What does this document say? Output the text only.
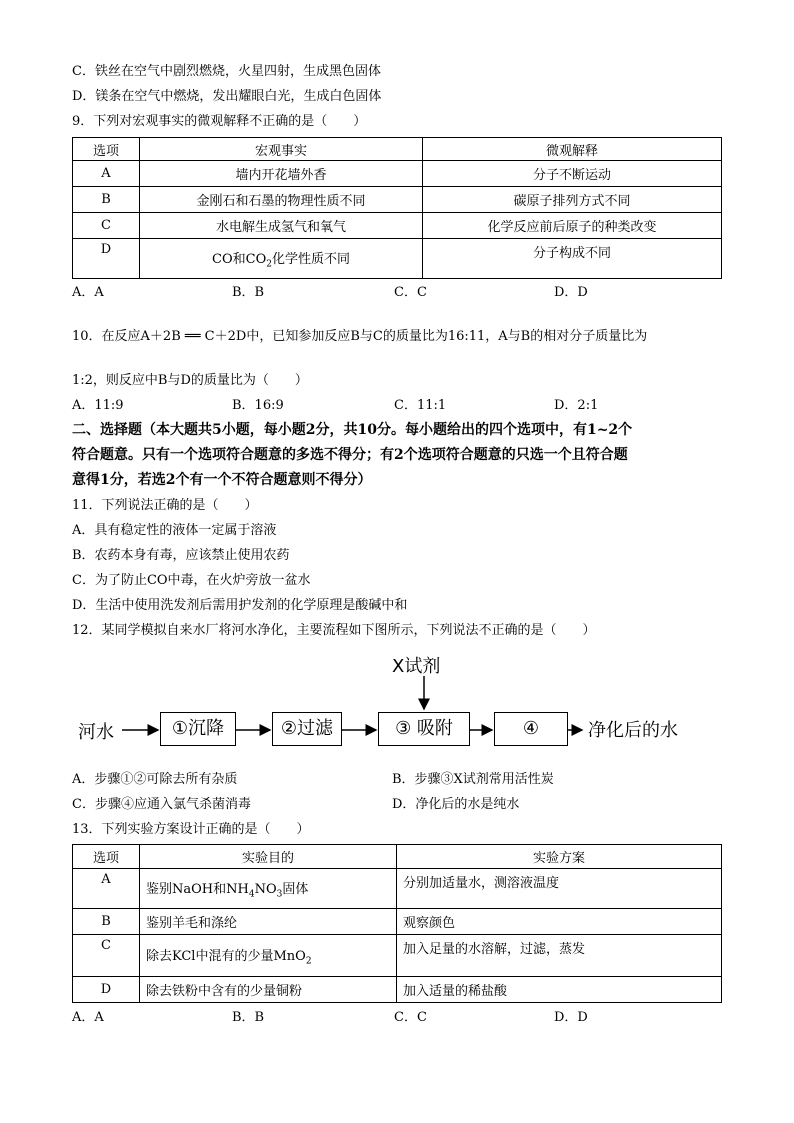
C．铁丝在空气中剧烈燃烧，火星四射，生成黑色固体
D．镁条在空气中燃烧，发出耀眼白光，生成白色固体
9．下列对宏观事实的微观解释不正确的是（　　）
选项	宏观事实	微观解释
A	墙内开花墙外香	分子不断运动
B	金刚石和石墨的物理性质不同	碳原子排列方式不同
C	水电解生成氢气和氧气	化学反应前后原子的种类改变
D	CO和$CO_2$化学性质不同	分子构成不同
A．A	B．B	C．C	D．D
10．在反应A＋2B ══ C＋2D中，已知参加反应B与C的质量比为16:11，A与B的相对分子质量比为
1:2，则反应中B与D的质量比为（　　）
A．11:9	B．16:9	C．11:1	D．2:1
二、选择题（本大题共5小题，每小题2分，共10分。每小题给出的四个选项中，有1~2个
符合题意。只有一个选项符合题意的多选不得分；有2个选项符合题意的只选一个且符合题
意得1分，若选2个有一个不符合题意则不得分）
11．下列说法正确的是（　　）
A．具有稳定性的液体一定属于溶液
B．农药本身有毒，应该禁止使用农药
C．为了防止CO中毒，在火炉旁放一盆水
D．生活中使用洗发剂后需用护发剂的化学原理是酸碱中和
12．某同学模拟自来水厂将河水净化，主要流程如下图所示，下列说法不正确的是（　　）
X试剂
河水	①沉降	②过滤	③ 吸附	④	净化后的水
A．步骤①②可除去所有杂质	B．步骤③X试剂常用活性炭
C．步骤④应通入氯气杀菌消毒	D．净化后的水是纯水
13．下列实验方案设计正确的是（　　）
选项	实验目的	实验方案
A	鉴别NaOH和$NH_4NO_3$固体	分别加适量水，测溶液温度
B	鉴别羊毛和涤纶	观察颜色
C	除去KCl中混有的少量MnO$_2$	加入足量的水溶解，过滤，蒸发
D	除去铁粉中含有的少量铜粉	加入适量的稀盐酸
A．A	B．B	C．C	D．D
